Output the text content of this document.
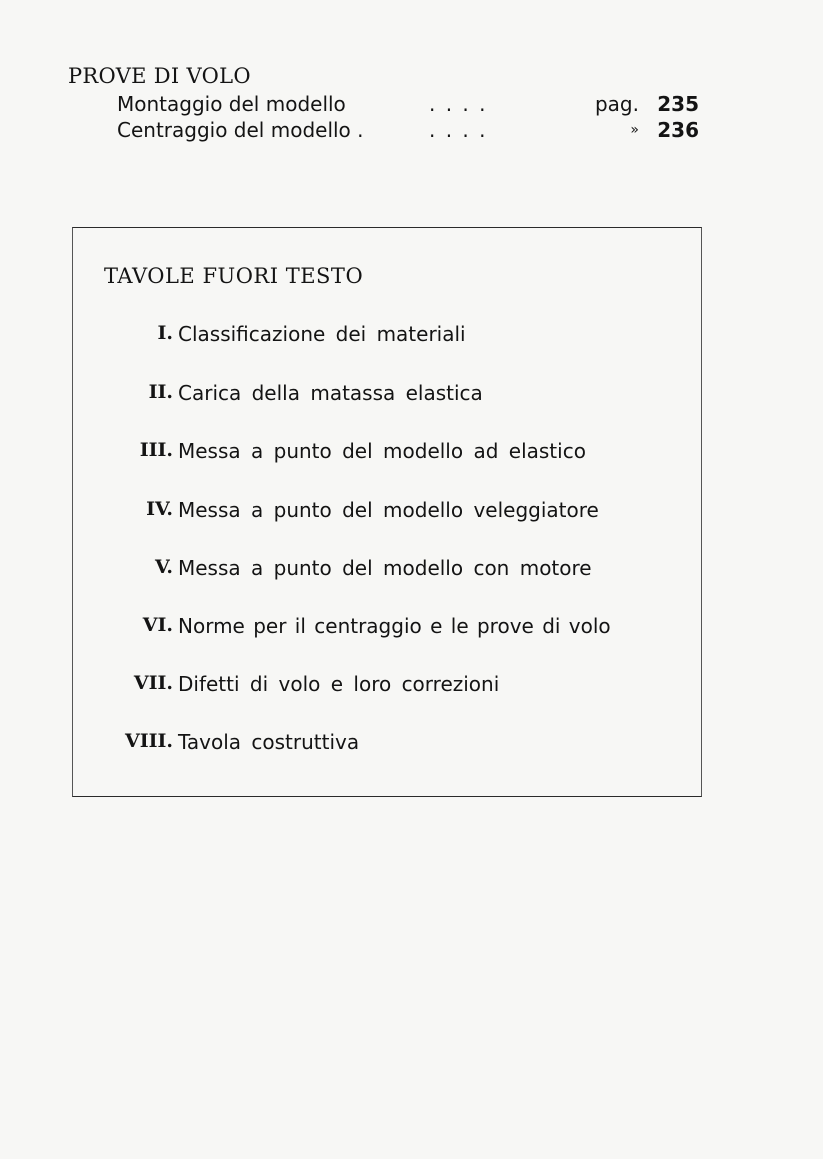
PROVE DI VOLO
Montaggio del modello	. . . .	pag. 235
Centraggio del modello .	. . . .	» 236
TAVOLE FUORI TESTO
I. Classificazione dei materiali
II. Carica della matassa elastica
III. Messa a punto del modello ad elastico
IV. Messa a punto del modello veleggiatore
V. Messa a punto del modello con motore
VI. Norme per il centraggio e le prove di volo
VII. Difetti di volo e loro correzioni
VIII. Tavola costruttiva
